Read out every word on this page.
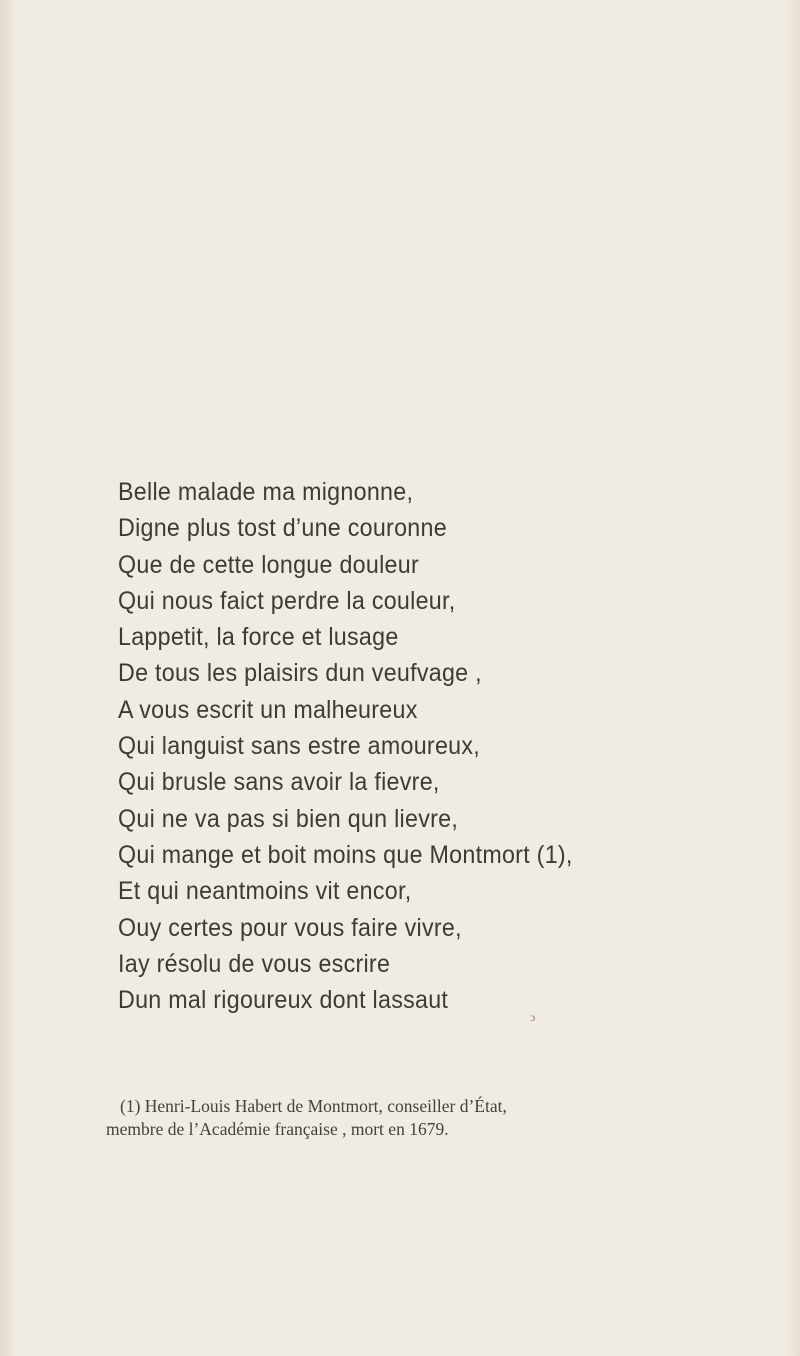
Belle malade ma mignonne,
Digne plus tost d’une couronne
Que de cette longue douleur
Qui nous faict perdre la couleur,
Lappetit, la force et lusage
De tous les plaisirs dun veufvage ,
A vous escrit un malheureux
Qui languist sans estre amoureux,
Qui brusle sans avoir la fievre,
Qui ne va pas si bien qun lievre,
Qui mange et boit moins que Montmort (1),
Et qui neantmoins vit encor,
Ouy certes pour vous faire vivre,
Iay résolu de vous escrire
Dun mal rigoureux dont lassaut
ↄ
(1) Henri-Louis Habert de Montmort, conseiller d’État,
membre de l’Académie française , mort en 1679.
